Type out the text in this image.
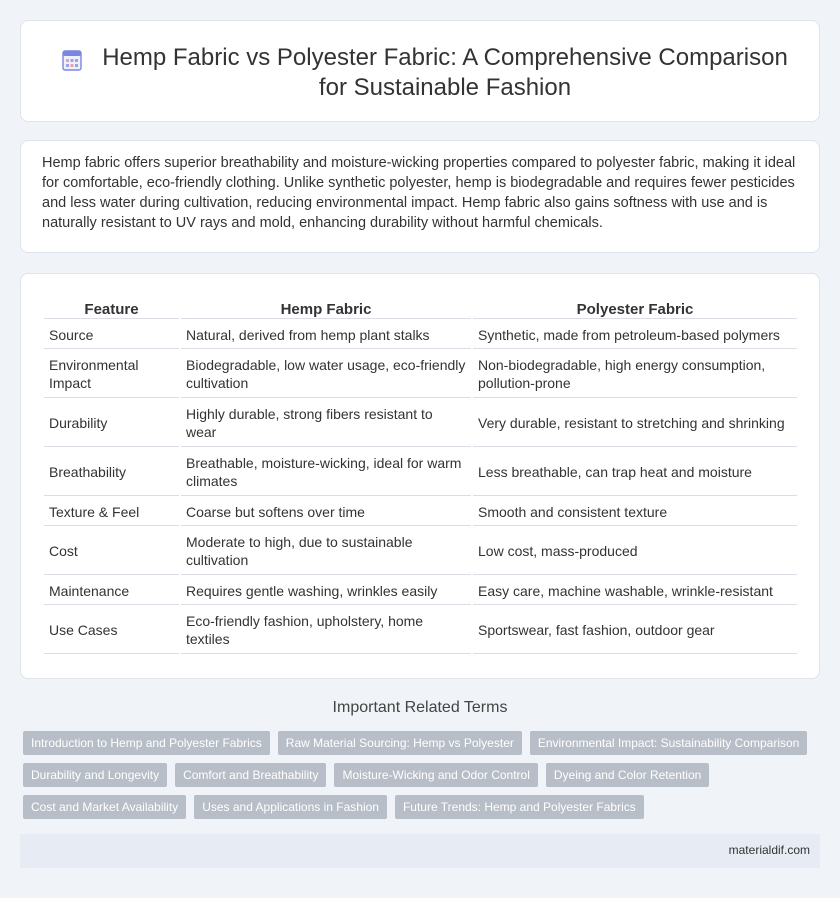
Hemp Fabric vs Polyester Fabric: A Comprehensive Comparison for Sustainable Fashion

Hemp fabric offers superior breathability and moisture-wicking properties compared to polyester fabric, making it ideal for comfortable, eco-friendly clothing. Unlike synthetic polyester, hemp is biodegradable and requires fewer pesticides and less water during cultivation, reducing environmental impact. Hemp fabric also gains softness with use and is naturally resistant to UV rays and mold, enhancing durability without harmful chemicals.

Feature	Hemp Fabric	Polyester Fabric
Source	Natural, derived from hemp plant stalks	Synthetic, made from petroleum-based polymers
Environmental Impact	Biodegradable, low water usage, eco-friendly cultivation	Non-biodegradable, high energy consumption, pollution-prone
Durability	Highly durable, strong fibers resistant to wear	Very durable, resistant to stretching and shrinking
Breathability	Breathable, moisture-wicking, ideal for warm climates	Less breathable, can trap heat and moisture
Texture & Feel	Coarse but softens over time	Smooth and consistent texture
Cost	Moderate to high, due to sustainable cultivation	Low cost, mass-produced
Maintenance	Requires gentle washing, wrinkles easily	Easy care, machine washable, wrinkle-resistant
Use Cases	Eco-friendly fashion, upholstery, home textiles	Sportswear, fast fashion, outdoor gear
Important Related Terms
Introduction to Hemp and Polyester Fabrics	Raw Material Sourcing: Hemp vs Polyester	Environmental Impact: Sustainability Comparison
Durability and Longevity	Comfort and Breathability	Moisture-Wicking and Odor Control	Dyeing and Color Retention
Cost and Market Availability	Uses and Applications in Fashion	Future Trends: Hemp and Polyester Fabrics
materialdif.com
